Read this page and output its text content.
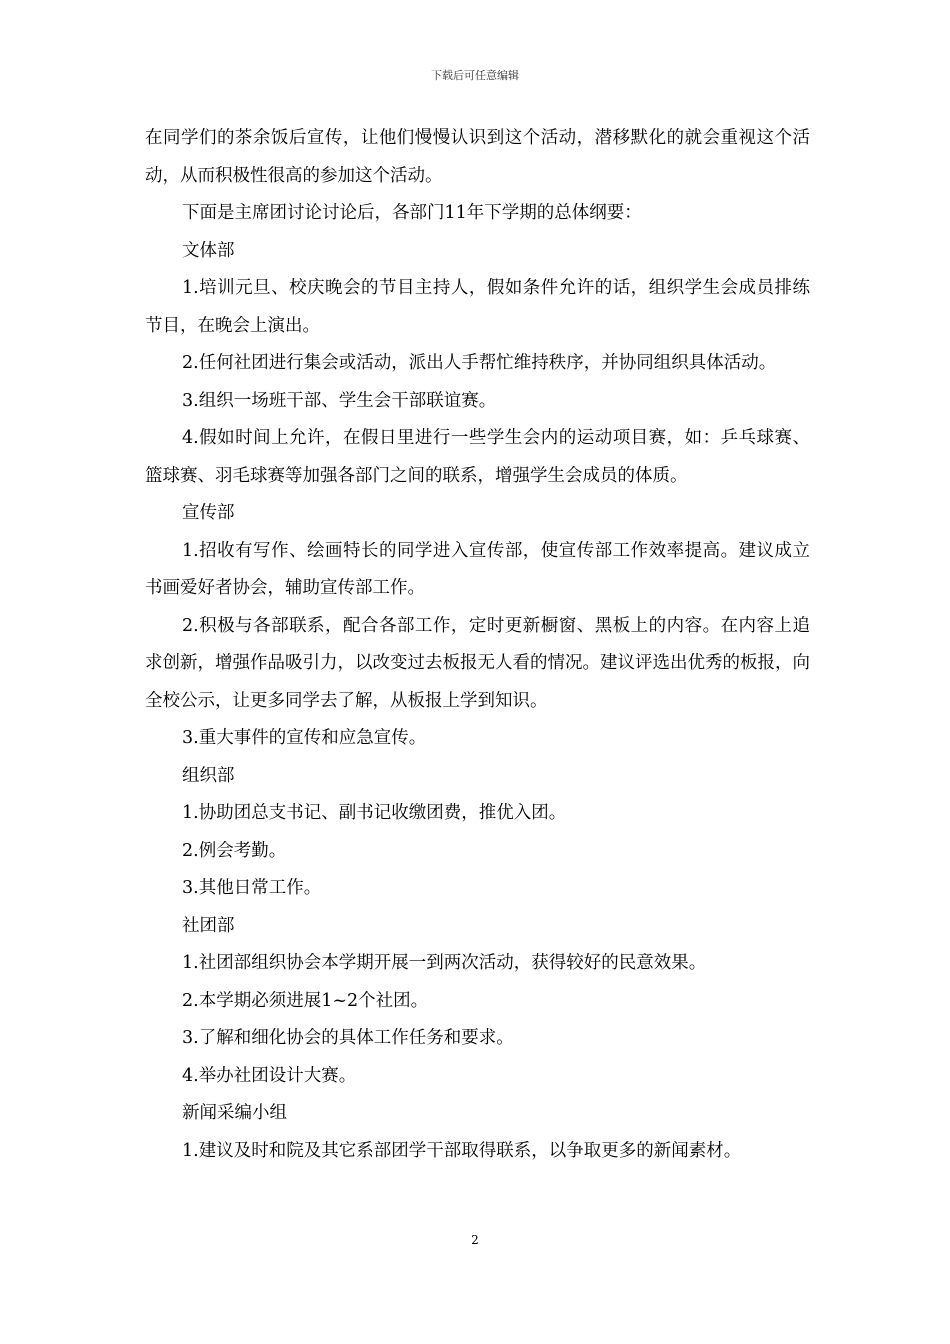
下载后可任意编辑

在同学们的茶余饭后宣传，让他们慢慢认识到这个活动，潜移默化的就会重视这个活动，从而积极性很高的参加这个活动。

下面是主席团讨论讨论后，各部门11年下学期的总体纲要：

文体部

1.培训元旦、校庆晚会的节目主持人，假如条件允许的话，组织学生会成员排练节目，在晚会上演出。

2.任何社团进行集会或活动，派出人手帮忙维持秩序，并协同组织具体活动。

3.组织一场班干部、学生会干部联谊赛。

4.假如时间上允许，在假日里进行一些学生会内的运动项目赛，如：乒乓球赛、篮球赛、羽毛球赛等加强各部门之间的联系，增强学生会成员的体质。

宣传部

1.招收有写作、绘画特长的同学进入宣传部，使宣传部工作效率提高。建议成立书画爱好者协会，辅助宣传部工作。

2.积极与各部联系，配合各部工作，定时更新橱窗、黑板上的内容。在内容上追求创新，增强作品吸引力，以改变过去板报无人看的情况。建议评选出优秀的板报，向全校公示，让更多同学去了解，从板报上学到知识。

3.重大事件的宣传和应急宣传。

组织部

1.协助团总支书记、副书记收缴团费，推优入团。

2.例会考勤。

3.其他日常工作。

社团部

1.社团部组织协会本学期开展一到两次活动，获得较好的民意效果。

2.本学期必须进展1~2个社团。

3.了解和细化协会的具体工作任务和要求。

4.举办社团设计大赛。

新闻采编小组

1.建议及时和院及其它系部团学干部取得联系，以争取更多的新闻素材。

2
